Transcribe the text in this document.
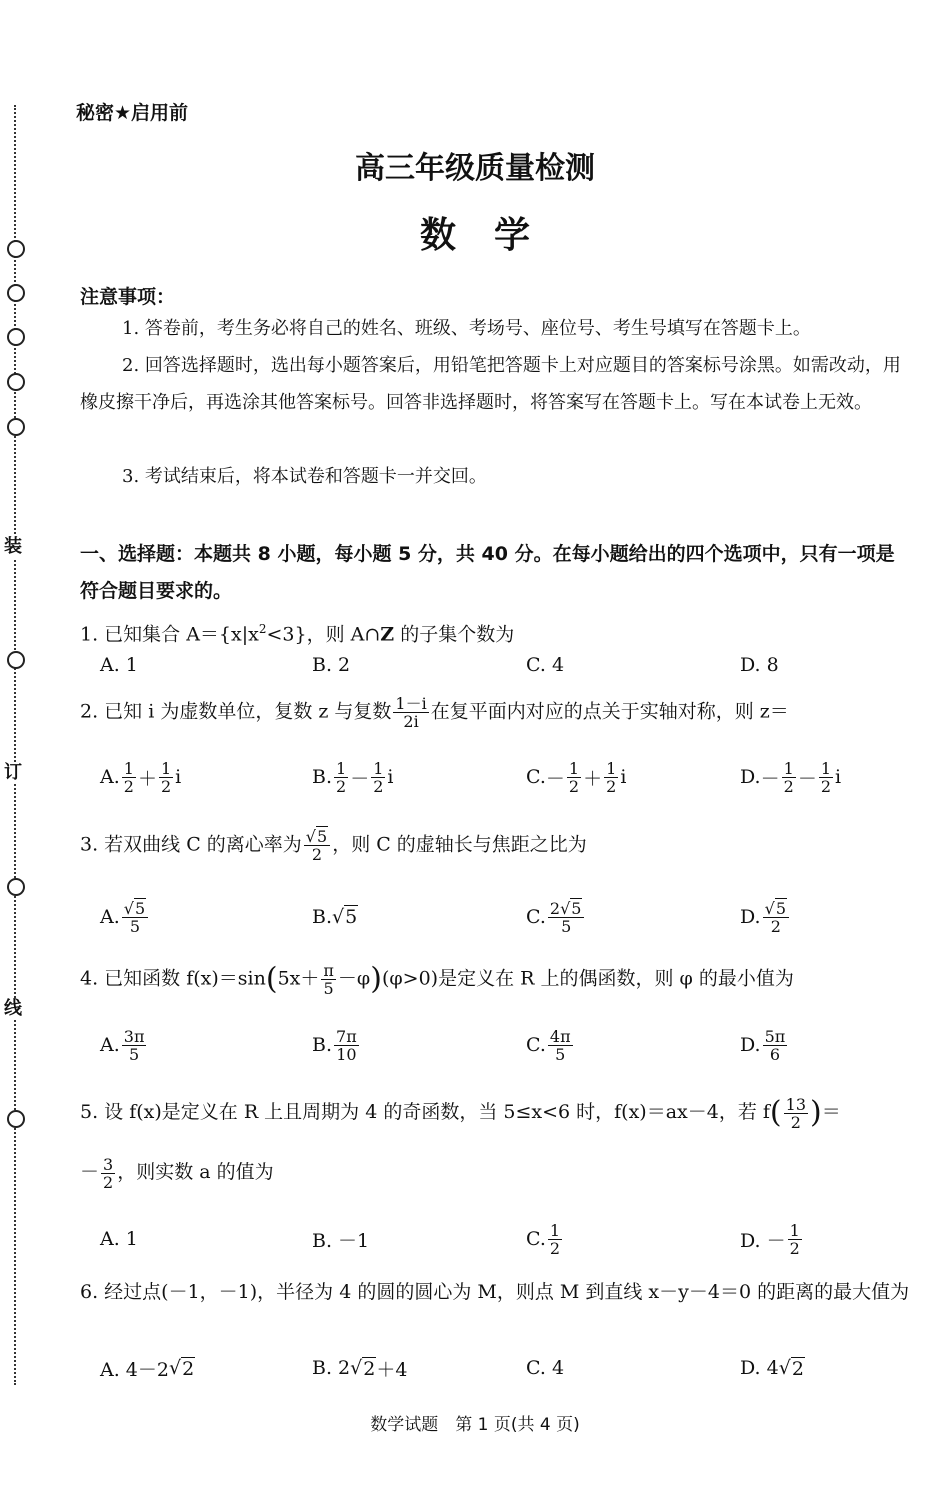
装
订
线
秘密★启用前
高三年级质量检测
数学
注意事项：
1. 答卷前，考生务必将自己的姓名、班级、考场号、座位号、考生号填写在答题卡上。
2. 回答选择题时，选出每小题答案后，用铅笔把答题卡上对应题目的答案标号涂黑。如需改动，用橡皮擦干净后，再选涂其他答案标号。回答非选择题时，将答案写在答题卡上。写在本试卷上无效。
3. 考试结束后，将本试卷和答题卡一并交回。
一、选择题：本题共 8 小题，每小题 5 分，共 40 分。在每小题给出的四个选项中，只有一项是符合题目要求的。
1. 已知集合 $A=\{x|x^2<3\}$，则 A∩Z 的子集个数为
A. 1	B. 2	C. 4	D. 8
2. 已知 i 为虚数单位，复数 z 与复数 $\frac{1-i}{2i}$ 在复平面内对应的点关于实轴对称，则 z＝
A. $\frac{1}{2} + \frac{1}{2}$ i	B. $\frac{1}{2} - \frac{1}{2}$ i	C. － $\frac{1}{2} + \frac{1}{2}$ i	D. － $\frac{1}{2} - \frac{1}{2}$ i
3. 若双曲线 C 的离心率为 $\frac{√5}{2}$ ，则 C 的虚轴长与焦距之比为
A. $\frac{√5}{5}$	B. √5	C. $\frac{2√5}{5}$	D. $\frac{√5}{2}$
4. 已知函数 $f(x)=\sin(5x+ \frac{\pi}{5} -\varphi)(\varphi>0)$是定义在 R 上的偶函数，则 φ 的最小值为
A. $\frac{3\pi}{5}$	B. $\frac{7\pi}{10}$	C. $\frac{4\pi}{5}$	D. $\frac{5\pi}{6}$
5. 设 f(x)是定义在 R 上且周期为 4 的奇函数，当 5≤x<6 时，f(x)＝ax－4，若 $f( \frac{13}{2}$ )＝
－ $\frac{3}{2}$ ，则实数 a 的值为
A. 1	B. －1	C. $\frac{1}{2}$	D. － $\frac{1}{2}$
6. 经过点(－1，－1)，半径为 4 的圆的圆心为 M，则点 M 到直线 x－y－4＝0 的距离的最大值为
A. 4－2 √ 2	B. 2 √ 2 ＋4	C. 4	D. 4 √ 2
数学试题　第 1 页(共 4 页)
